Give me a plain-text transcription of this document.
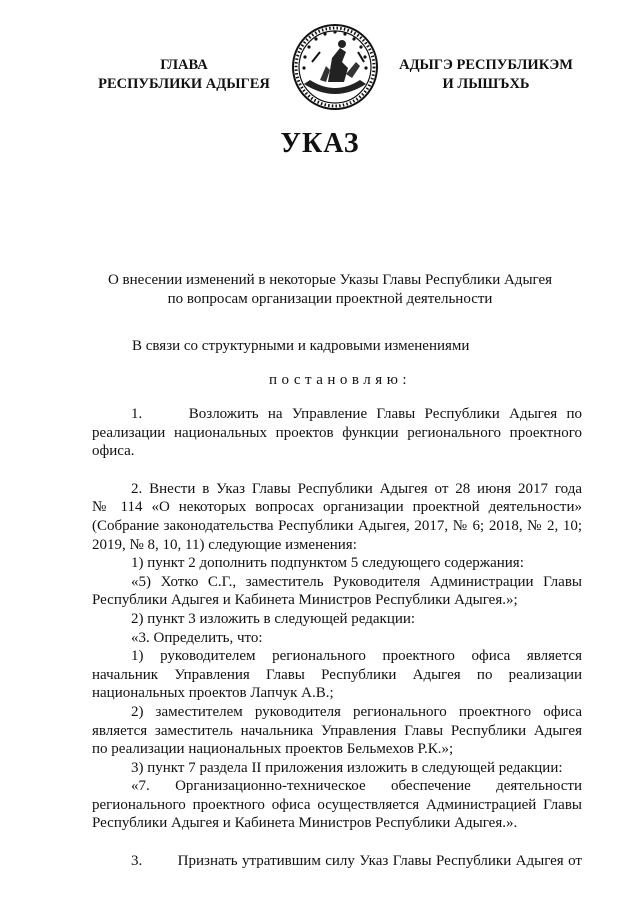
ГЛАВА
РЕСПУБЛИКИ АДЫГЕЯ
АДЫГЭ РЕСПУБЛИКЭМ
И ЛЫШЪХЬ
УКАЗ
О внесении изменений в некоторые Указы Главы Республики Адыгея
по вопросам организации проектной деятельности
В связи со структурными и кадровыми изменениями
постановляю:

1.     Возложить на Управление Главы Республики Адыгея по
реализации национальных проектов функции регионального проектного
офиса.

2. Внести в Указ Главы Республики Адыгея от 28 июня 2017 года
№ 114 «О некоторых вопросах организации проектной деятельности»
(Собрание законодательства Республики Адыгея, 2017, № 6; 2018, № 2, 10;
2019, № 8, 10, 11) следующие изменения:

1) пункт 2 дополнить подпунктом 5 следующего содержания:

«5) Хотко С.Г., заместитель Руководителя Администрации Главы
Республики Адыгея и Кабинета Министров Республики Адыгея.»;

2) пункт 3 изложить в следующей редакции:

«3. Определить, что:

1) руководителем регионального проектного офиса является
начальник Управления Главы Республики Адыгея по реализации
национальных проектов Лапчук А.В.;

2) заместителем руководителя регионального проектного офиса
является заместитель начальника Управления Главы Республики Адыгея
по реализации национальных проектов Бельмехов Р.К.»;

3) пункт 7 раздела II приложения изложить в следующей редакции:

«7. Организационно-техническое обеспечение деятельности
регионального проектного офиса осуществляется Администрацией Главы
Республики Адыгея и Кабинета Министров Республики Адыгея.».

3.        Признать утратившим силу Указ Главы Республики Адыгея от
